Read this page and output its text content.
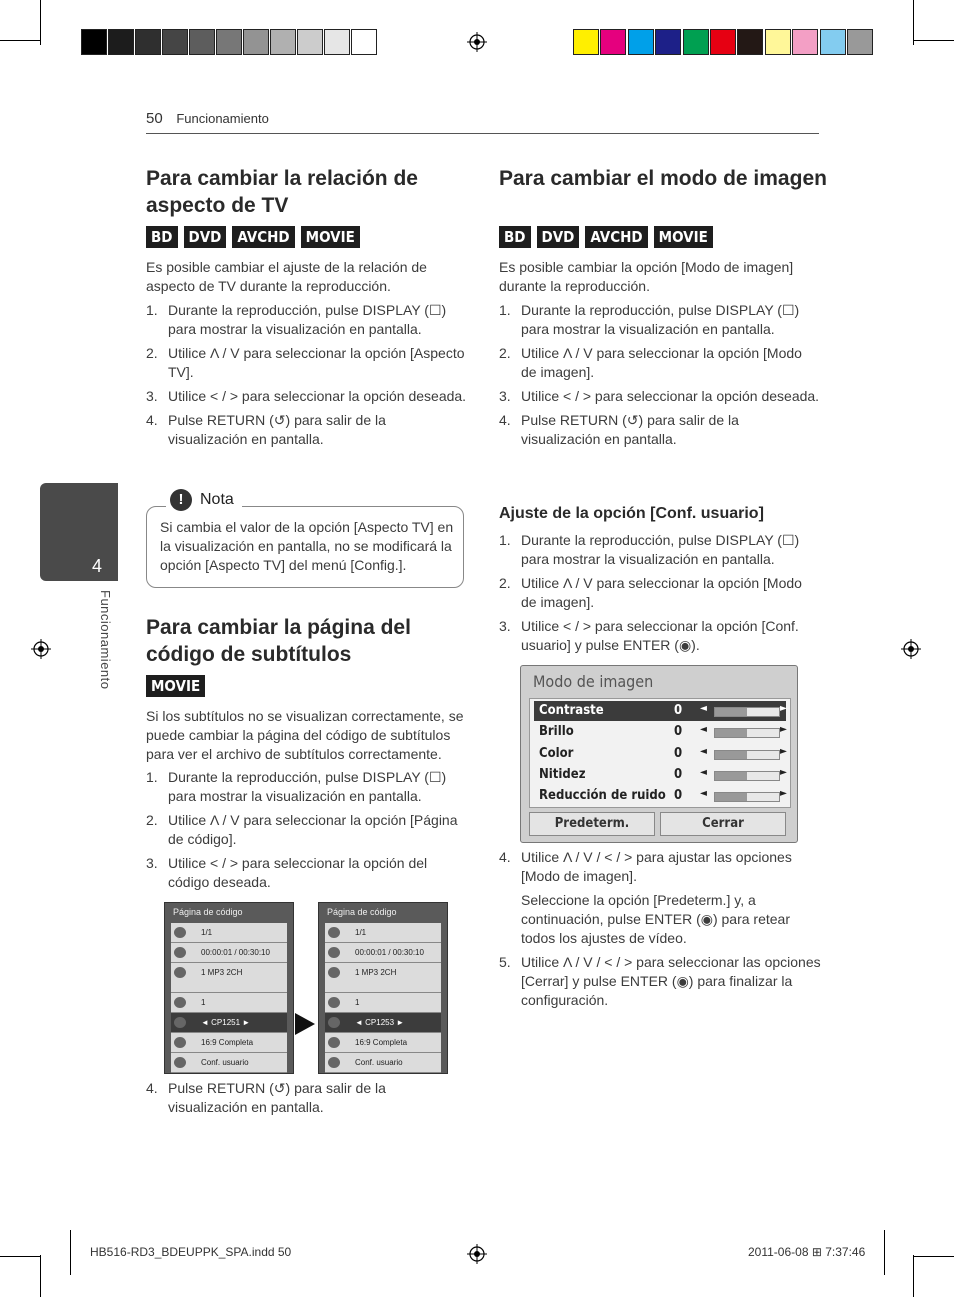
50 Funcionamiento
4
Funcionamiento
Para cambiar la relación de aspecto de TV
BD	DVD	AVCHD	MOVIE
Es posible cambiar el ajuste de la relación de aspecto de TV durante la reproducción.
1. Durante la reproducción, pulse DISPLAY (☐) para mostrar la visualización en pantalla.
2. Utilice Λ / V para seleccionar la opción [Aspecto TV].
3. Utilice < / > para seleccionar la opción deseada.
4. Pulse RETURN (↺) para salir de la visualización en pantalla.
!	Nota
Si cambia el valor de la opción [Aspecto TV] en la visualización en pantalla, no se modificará la opción [Aspecto TV] del menú [Config.].
Para cambiar la página del código de subtítulos
MOVIE
Si los subtítulos no se visualizan correctamente, se puede cambiar la página del código de subtítulos para ver el archivo de subtítulos correctamente.
1. Durante la reproducción, pulse DISPLAY (☐) para mostrar la visualización en pantalla.
2. Utilice Λ / V para seleccionar la opción [Página de código].
3. Utilice < / > para seleccionar la opción del código deseada.
Página de código
1/1
00:00:01 / 00:30:10
1 MP3 2CH
1
◄ CP1251 ►
16:9 Completa
Conf. usuario
Página de código
1/1
00:00:01 / 00:30:10
1 MP3 2CH
1
◄ CP1253 ►
16:9 Completa
Conf. usuario
4. Pulse RETURN (↺) para salir de la visualización en pantalla.
Para cambiar el modo de imagen
BD	DVD	AVCHD	MOVIE
Es posible cambiar la opción [Modo de imagen] durante la reproducción.
1. Durante la reproducción, pulse DISPLAY (☐) para mostrar la visualización en pantalla.
2. Utilice Λ / V para seleccionar la opción [Modo de imagen].
3. Utilice < / > para seleccionar la opción deseada.
4. Pulse RETURN (↺) para salir de la visualización en pantalla.
Ajuste de la opción [Conf. usuario]
1. Durante la reproducción, pulse DISPLAY (☐) para mostrar la visualización en pantalla.
2. Utilice Λ / V para seleccionar la opción [Modo de imagen].
3. Utilice < / > para seleccionar la opción [Conf. usuario] y pulse ENTER (◉).
Modo de imagen
Contraste	0 ◄	►
Brillo	0 ◄	►
Color	0 ◄	►
Nitidez	0 ◄	►
Reducción de ruido 0 ◄	►
Predeterm.	Cerrar
4. Utilice Λ / V / < / > para ajustar las opciones [Modo de imagen].
Seleccione la opción [Predeterm.] y, a continuación, pulse ENTER (◉) para retear todos los ajustes de vídeo.
5. Utilice Λ / V / < / > para seleccionar las opciones [Cerrar] y pulse ENTER (◉) para finalizar la configuración.
HB516-RD3_BDEUPPK_SPA.indd 50	2011-06-08 ⊞ 7:37:46
